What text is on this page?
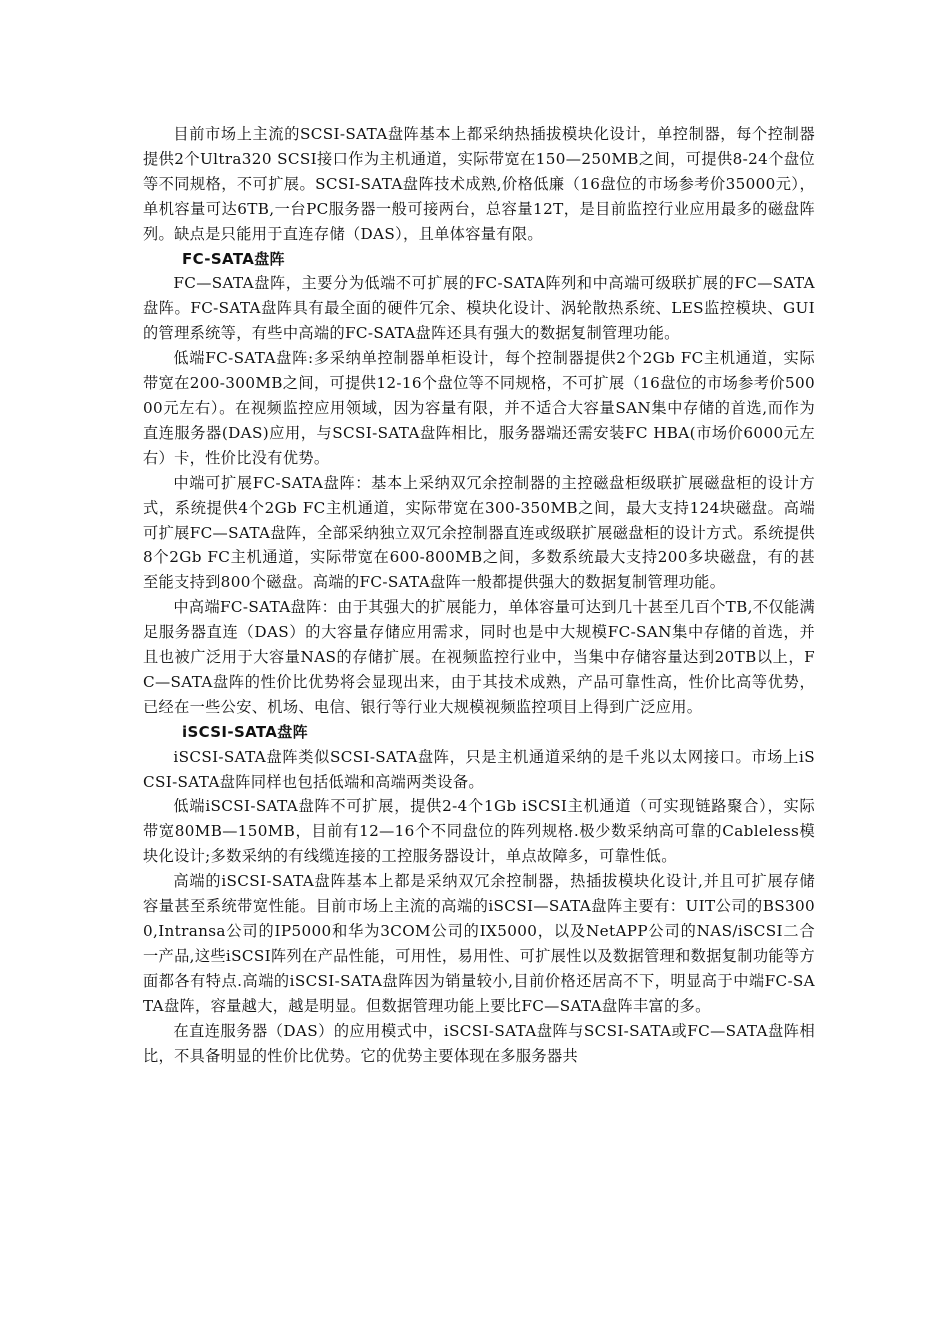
目前市场上主流的SCSI-SATA盘阵基本上都采纳热插拔模块化设计，单控制器，每个控制器提供2个Ultra320 SCSI接口作为主机通道，实际带宽在150—250MB之间，可提供8-24个盘位等不同规格，不可扩展。SCSI-SATA盘阵技术成熟,价格低廉（16盘位的市场参考价35000元），单机容量可达6TB,一台PC服务器一般可接两台，总容量12T，是目前监控行业应用最多的磁盘阵列。缺点是只能用于直连存储（DAS），且单体容量有限。

FC-SATA盘阵

FC—SATA盘阵，主要分为低端不可扩展的FC-SATA阵列和中高端可级联扩展的FC—SATA盘阵。FC-SATA盘阵具有最全面的硬件冗余、模块化设计、涡轮散热系统、LES监控模块、GUI的管理系统等，有些中高端的FC-SATA盘阵还具有强大的数据复制管理功能。

低端FC-SATA盘阵:多采纳单控制器单柜设计，每个控制器提供2个2Gb FC主机通道，实际带宽在200-300MB之间，可提供12-16个盘位等不同规格，不可扩展（16盘位的市场参考价50000元左右）。在视频监控应用领域，因为容量有限，并不适合大容量SAN集中存储的首选,而作为直连服务器(DAS)应用，与SCSI-SATA盘阵相比，服务器端还需安装FC HBA(市场价6000元左右）卡，性价比没有优势。

中端可扩展FC-SATA盘阵：基本上采纳双冗余控制器的主控磁盘柜级联扩展磁盘柜的设计方式，系统提供4个2Gb FC主机通道，实际带宽在300-350MB之间，最大支持124块磁盘。高端可扩展FC—SATA盘阵，全部采纳独立双冗余控制器直连或级联扩展磁盘柜的设计方式。系统提供8个2Gb FC主机通道，实际带宽在600-800MB之间，多数系统最大支持200多块磁盘，有的甚至能支持到800个磁盘。高端的FC-SATA盘阵一般都提供强大的数据复制管理功能。

中高端FC-SATA盘阵：由于其强大的扩展能力，单体容量可达到几十甚至几百个TB,不仅能满足服务器直连（DAS）的大容量存储应用需求，同时也是中大规模FC-SAN集中存储的首选，并且也被广泛用于大容量NAS的存储扩展。在视频监控行业中，当集中存储容量达到20TB以上，FC—SATA盘阵的性价比优势将会显现出来，由于其技术成熟，产品可靠性高，性价比高等优势，已经在一些公安、机场、电信、银行等行业大规模视频监控项目上得到广泛应用。

iSCSI-SATA盘阵

iSCSI-SATA盘阵类似SCSI-SATA盘阵，只是主机通道采纳的是千兆以太网接口。市场上iSCSI-SATA盘阵同样也包括低端和高端两类设备。

低端iSCSI-SATA盘阵不可扩展，提供2-4个1Gb iSCSI主机通道（可实现链路聚合），实际带宽80MB—150MB，目前有12—16个不同盘位的阵列规格.极少数采纳高可靠的Cableless模块化设计;多数采纳的有线缆连接的工控服务器设计，单点故障多，可靠性低。

高端的iSCSI-SATA盘阵基本上都是采纳双冗余控制器，热插拔模块化设计,并且可扩展存储容量甚至系统带宽性能。目前市场上主流的高端的iSCSI—SATA盘阵主要有：UIT公司的BS3000,Intransa公司的IP5000和华为3COM公司的IX5000，以及NetAPP公司的NAS/iSCSI二合一产品,这些iSCSI阵列在产品性能，可用性，易用性、可扩展性以及数据管理和数据复制功能等方面都各有特点.高端的iSCSI-SATA盘阵因为销量较小,目前价格还居高不下，明显高于中端FC-SATA盘阵，容量越大，越是明显。但数据管理功能上要比FC—SATA盘阵丰富的多。

在直连服务器（DAS）的应用模式中，iSCSI-SATA盘阵与SCSI-SATA或FC—SATA盘阵相比，不具备明显的性价比优势。它的优势主要体现在多服务器共
